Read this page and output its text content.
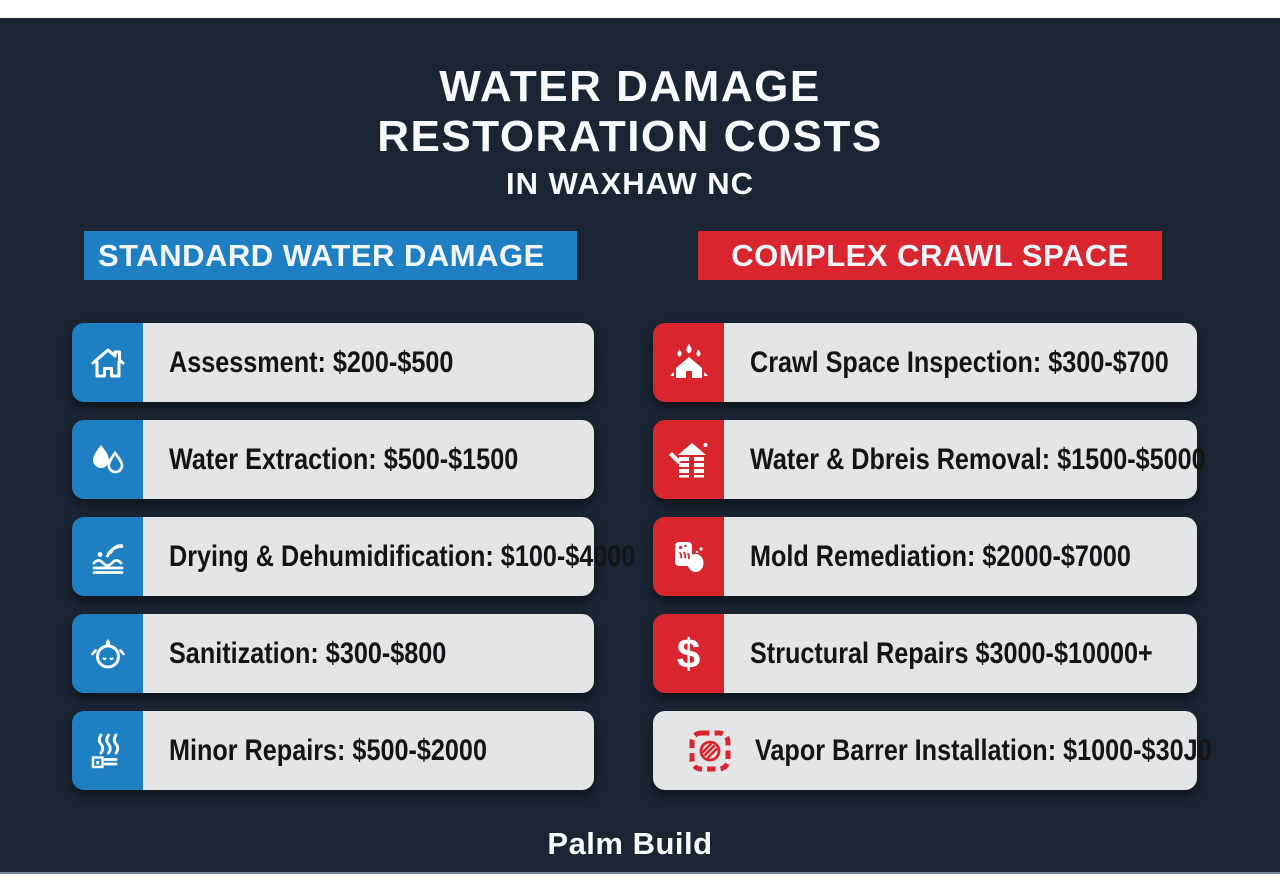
WATER DAMAGE
RESTORATION COSTS
IN WAXHAW NC
STANDARD WATER DAMAGE	COMPLEX CRAWL SPACE
Assessment: $200-$500
Water Extraction: $500-$1500
Drying & Dehumidification: $100-$4000
Sanitization: $300-$800
Minor Repairs: $500-$2000
Crawl Space Inspection: $300-$700
Water & Dbreis Removal: $1500-$5000
Mold Remediation: $2000-$7000
$ Structural Repairs $3000-$10000+
Vapor Barrer Installation: $1000-$30J0
Palm Build
